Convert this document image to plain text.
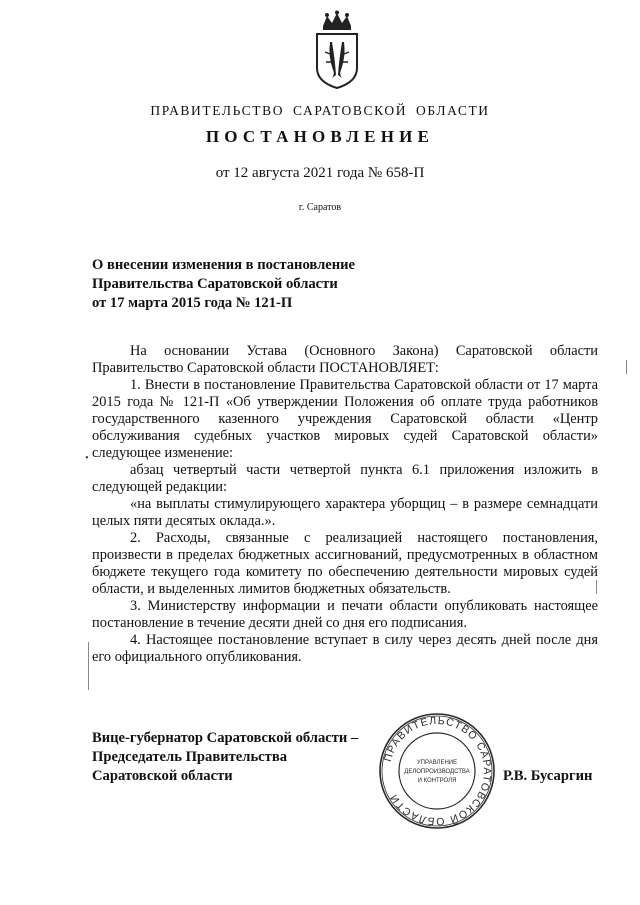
ПРАВИТЕЛЬСТВО САРАТОВСКОЙ ОБЛАСТИ
ПОСТАНОВЛЕНИЕ
от 12 августа 2021 года № 658-П
г. Саратов
О внесении изменения в постановление
Правительства Саратовской области
от 17 марта 2015 года № 121-П

На основании Устава (Основного Закона) Саратовской области Правительство Саратовской области ПОСТАНОВЛЯЕТ:

1. Внести в постановление Правительства Саратовской области от 17 марта 2015 года № 121-П «Об утверждении Положения об оплате труда работников государственного казенного учреждения Саратовской области «Центр обслуживания судебных участков мировых судей Саратовской области» следующее изменение:

абзац четвертый части четвертой пункта 6.1 приложения изложить в следующей редакции:

«на выплаты стимулирующего характера уборщиц – в размере семнадцати целых пяти десятых оклада.».

2. Расходы, связанные с реализацией настоящего постановления, произвести в пределах бюджетных ассигнований, предусмотренных в областном бюджете текущего года комитету по обеспечению деятельности мировых судей области, и выделенных лимитов бюджетных обязательств.

3. Министерству информации и печати области опубликовать настоящее постановление в течение десяти дней со дня его подписания.

4. Настоящее постановление вступает в силу через десять дней после дня его официального опубликования.

•
Вице-губернатор Саратовской области –
Председатель Правительства
Саратовской области
ПРАВИТЕЛЬСТВО САРАТОВСКОЙ ОБЛАСТИ
УПРАВЛЕНИЕ
ДЕЛОПРОИЗВОДСТВА
И КОНТРОЛЯ	Р.В. Бусаргин
